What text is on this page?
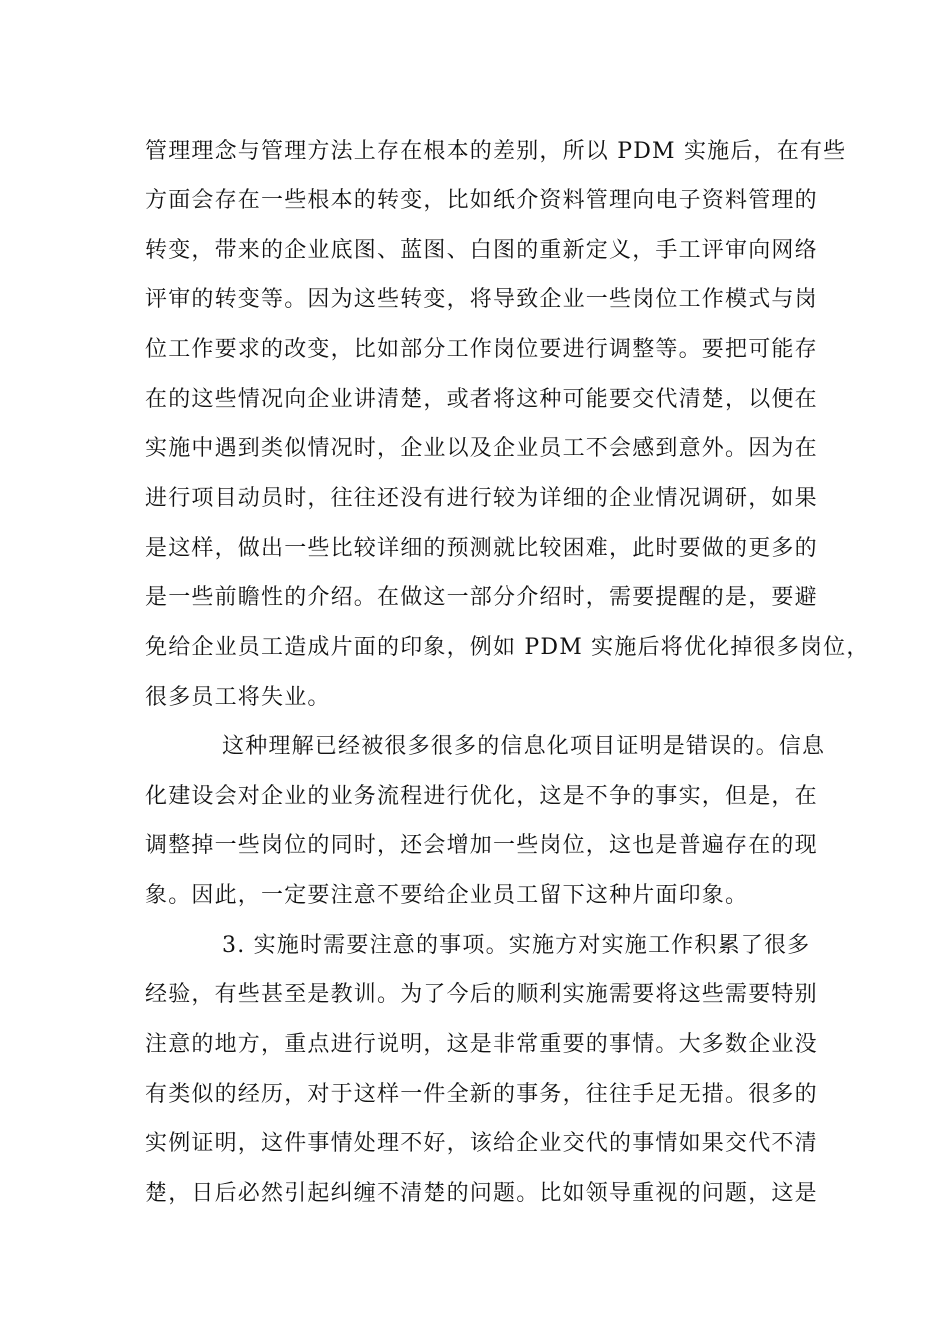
管理理念与管理方法上存在根本的差别，所以 PDM 实施后，在有些
方面会存在一些根本的转变，比如纸介资料管理向电子资料管理的
转变，带来的企业底图、蓝图、白图的重新定义，手工评审向网络
评审的转变等。因为这些转变，将导致企业一些岗位工作模式与岗
位工作要求的改变，比如部分工作岗位要进行调整等。要把可能存
在的这些情况向企业讲清楚，或者将这种可能要交代清楚，以便在
实施中遇到类似情况时，企业以及企业员工不会感到意外。因为在
进行项目动员时，往往还没有进行较为详细的企业情况调研，如果
是这样，做出一些比较详细的预测就比较困难，此时要做的更多的
是一些前瞻性的介绍。在做这一部分介绍时，需要提醒的是，要避
免给企业员工造成片面的印象，例如 PDM 实施后将优化掉很多岗位，
很多员工将失业。
这种理解已经被很多很多的信息化项目证明是错误的。信息
化建设会对企业的业务流程进行优化，这是不争的事实，但是，在
调整掉一些岗位的同时，还会增加一些岗位，这也是普遍存在的现
象。因此，一定要注意不要给企业员工留下这种片面印象。
3. 实施时需要注意的事项。实施方对实施工作积累了很多
经验，有些甚至是教训。为了今后的顺利实施需要将这些需要特别
注意的地方，重点进行说明，这是非常重要的事情。大多数企业没
有类似的经历，对于这样一件全新的事务，往往手足无措。很多的
实例证明，这件事情处理不好，该给企业交代的事情如果交代不清
楚，日后必然引起纠缠不清楚的问题。比如领导重视的问题，这是
